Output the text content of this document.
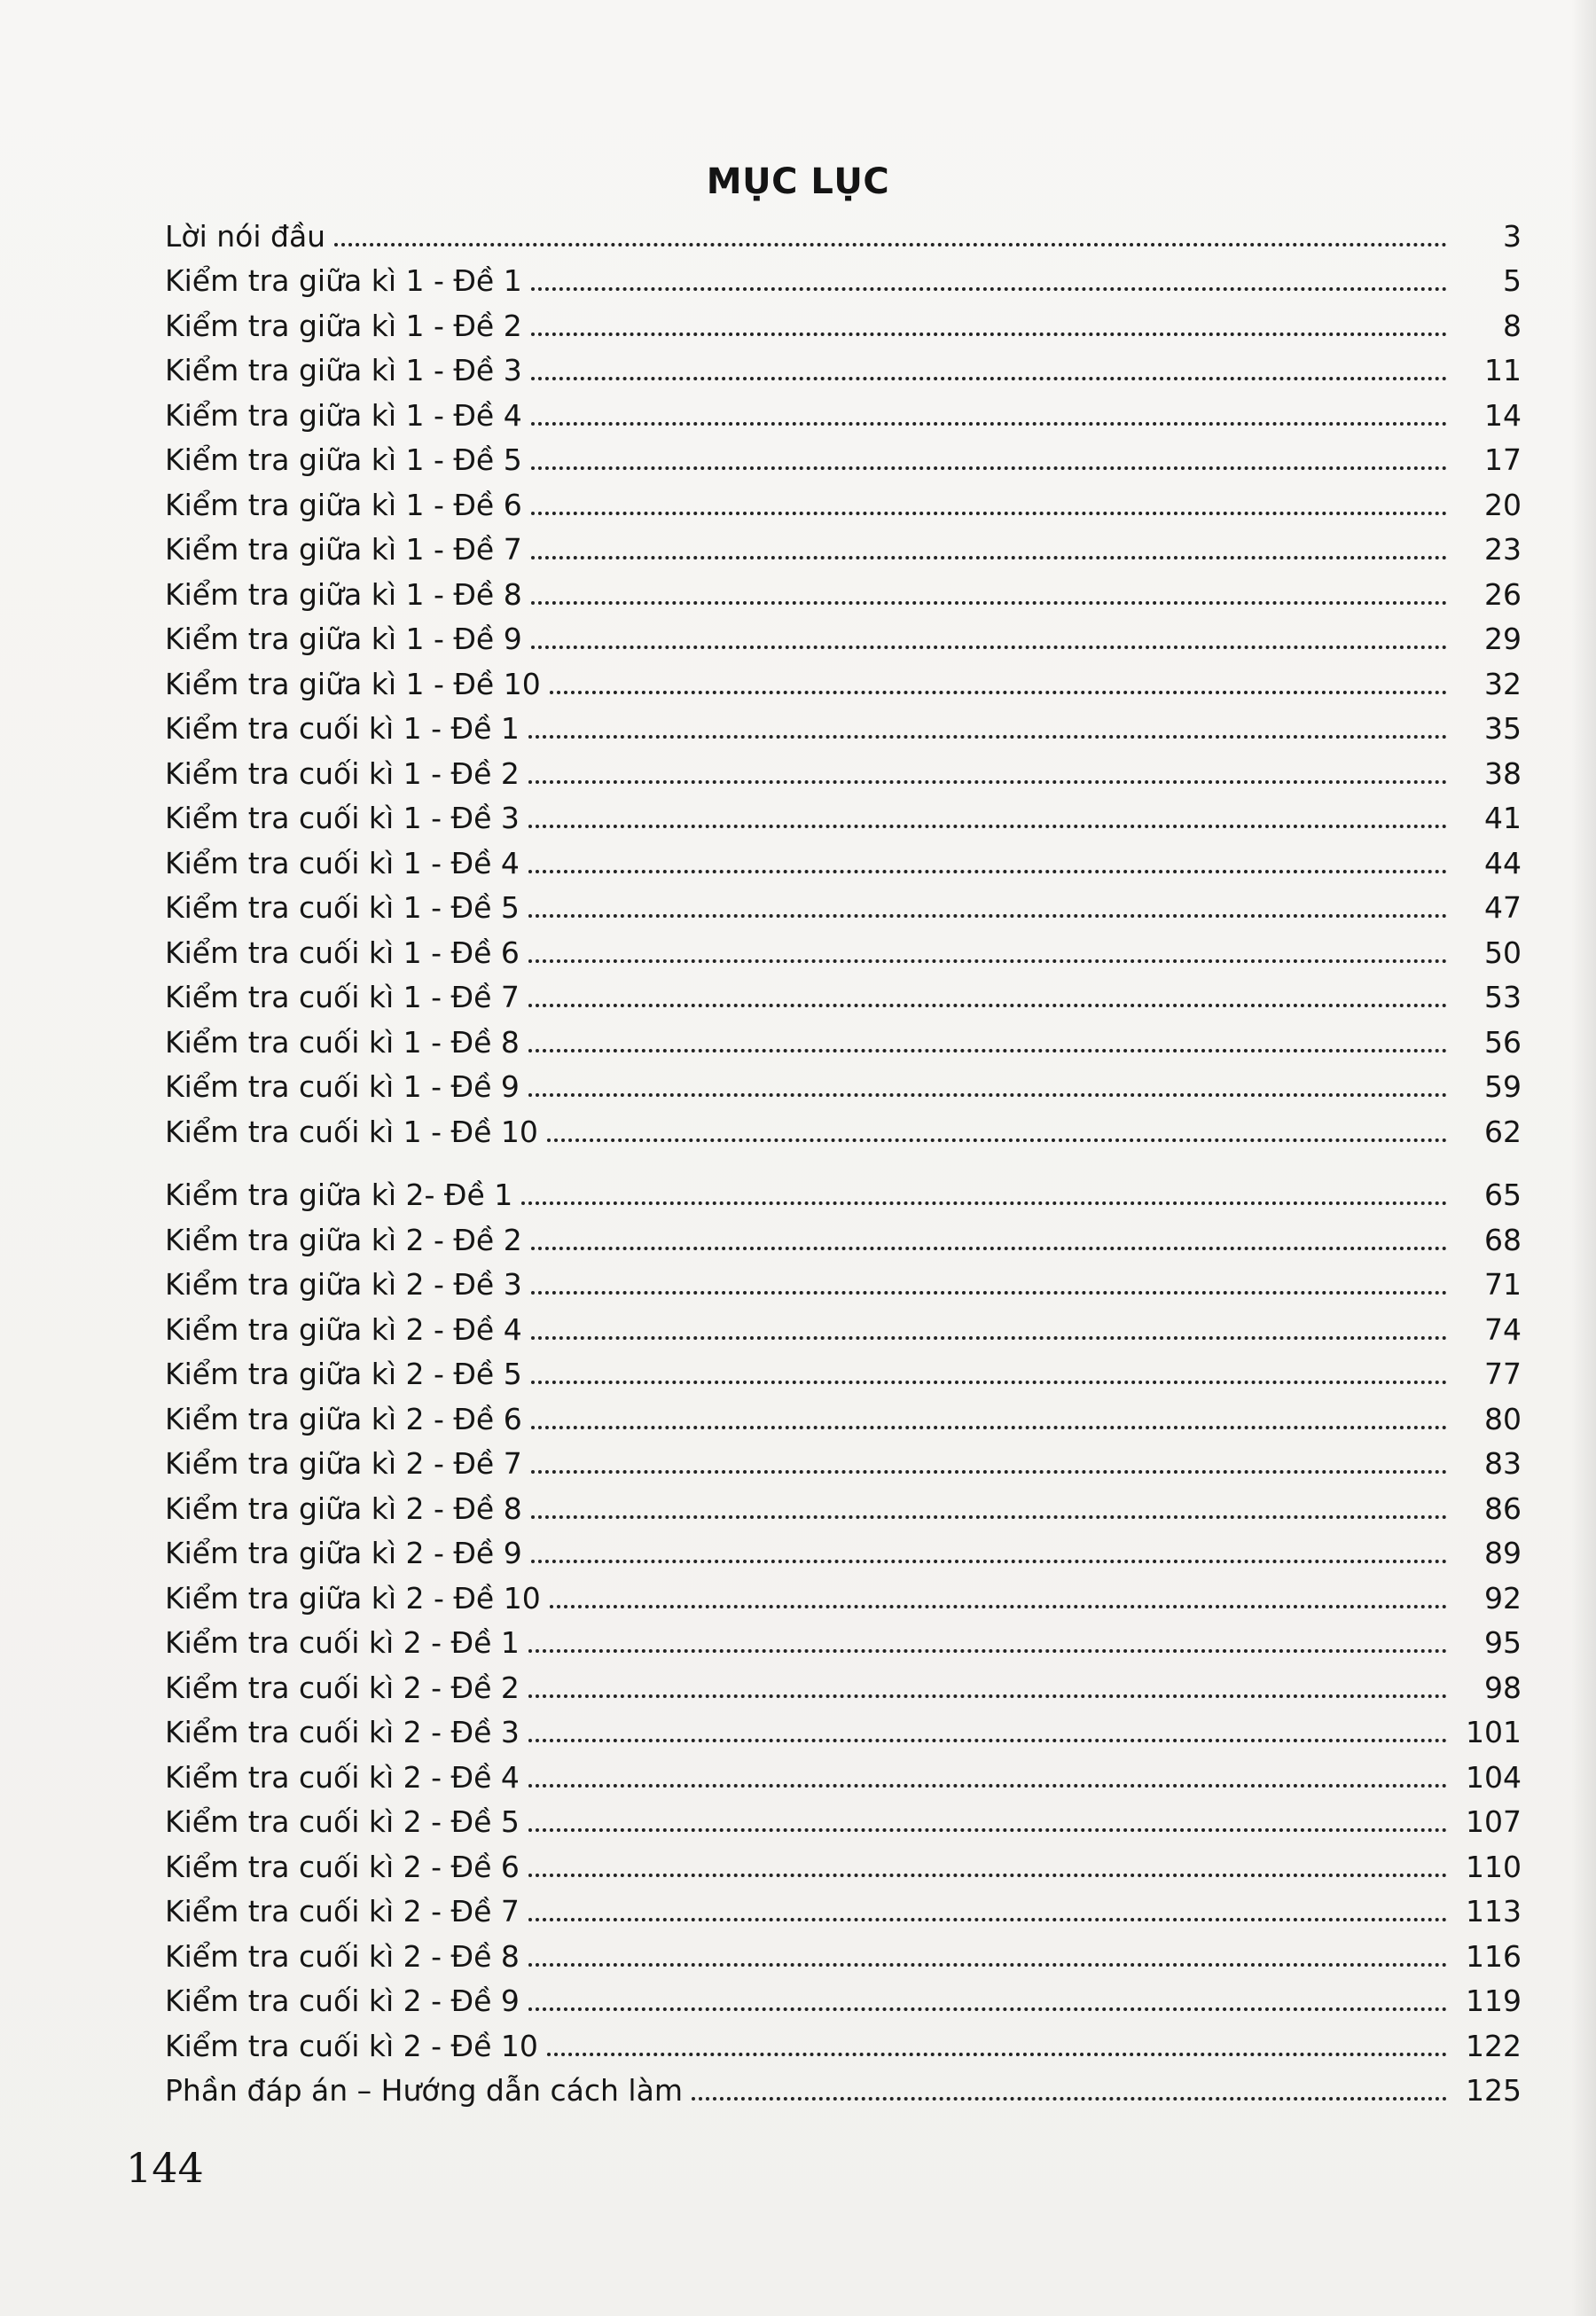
MỤC LỤC
Lời nói đầu	3
Kiểm tra giữa kì 1 - Đề 1	5
Kiểm tra giữa kì 1 - Đề 2	8
Kiểm tra giữa kì 1 - Đề 3	11
Kiểm tra giữa kì 1 - Đề 4	14
Kiểm tra giữa kì 1 - Đề 5	17
Kiểm tra giữa kì 1 - Đề 6	20
Kiểm tra giữa kì 1 - Đề 7	23
Kiểm tra giữa kì 1 - Đề 8	26
Kiểm tra giữa kì 1 - Đề 9	29
Kiểm tra giữa kì 1 - Đề 10	32
Kiểm tra cuối kì 1 - Đề 1	35
Kiểm tra cuối kì 1 - Đề 2	38
Kiểm tra cuối kì 1 - Đề 3	41
Kiểm tra cuối kì 1 - Đề 4	44
Kiểm tra cuối kì 1 - Đề 5	47
Kiểm tra cuối kì 1 - Đề 6	50
Kiểm tra cuối kì 1 - Đề 7	53
Kiểm tra cuối kì 1 - Đề 8	56
Kiểm tra cuối kì 1 - Đề 9	59
Kiểm tra cuối kì 1 - Đề 10	62
Kiểm tra giữa kì 2- Đề 1	65
Kiểm tra giữa kì 2 - Đề 2	68
Kiểm tra giữa kì 2 - Đề 3	71
Kiểm tra giữa kì 2 - Đề 4	74
Kiểm tra giữa kì 2 - Đề 5	77
Kiểm tra giữa kì 2 - Đề 6	80
Kiểm tra giữa kì 2 - Đề 7	83
Kiểm tra giữa kì 2 - Đề 8	86
Kiểm tra giữa kì 2 - Đề 9	89
Kiểm tra giữa kì 2 - Đề 10	92
Kiểm tra cuối kì 2 - Đề 1	95
Kiểm tra cuối kì 2 - Đề 2	98
Kiểm tra cuối kì 2 - Đề 3	101
Kiểm tra cuối kì 2 - Đề 4	104
Kiểm tra cuối kì 2 - Đề 5	107
Kiểm tra cuối kì 2 - Đề 6	110
Kiểm tra cuối kì 2 - Đề 7	113
Kiểm tra cuối kì 2 - Đề 8	116
Kiểm tra cuối kì 2 - Đề 9	119
Kiểm tra cuối kì 2 - Đề 10	122
Phần đáp án – Hướng dẫn cách làm	125
144
